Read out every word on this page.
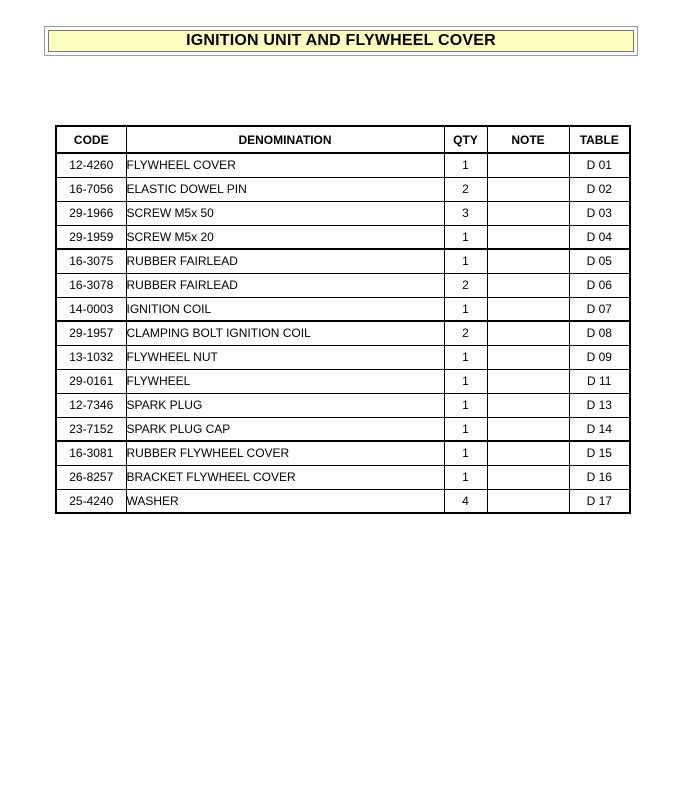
IGNITION UNIT AND FLYWHEEL COVER
CODE	DENOMINATION	QTY	NOTE	TABLE
12-4260	FLYWHEEL COVER	1		D 01
16-7056	ELASTIC DOWEL PIN	2		D 02
29-1966	SCREW M5x 50	3		D 03
29-1959	SCREW M5x 20	1		D 04
16-3075	RUBBER FAIRLEAD	1		D 05
16-3078	RUBBER FAIRLEAD	2		D 06
14-0003	IGNITION COIL	1		D 07
29-1957	CLAMPING BOLT IGNITION COIL	2		D 08
13-1032	FLYWHEEL NUT	1		D 09
29-0161	FLYWHEEL	1		D 11
12-7346	SPARK PLUG	1		D 13
23-7152	SPARK PLUG CAP	1		D 14
16-3081	RUBBER FLYWHEEL COVER	1		D 15
26-8257	BRACKET FLYWHEEL COVER	1		D 16
25-4240	WASHER	4		D 17
